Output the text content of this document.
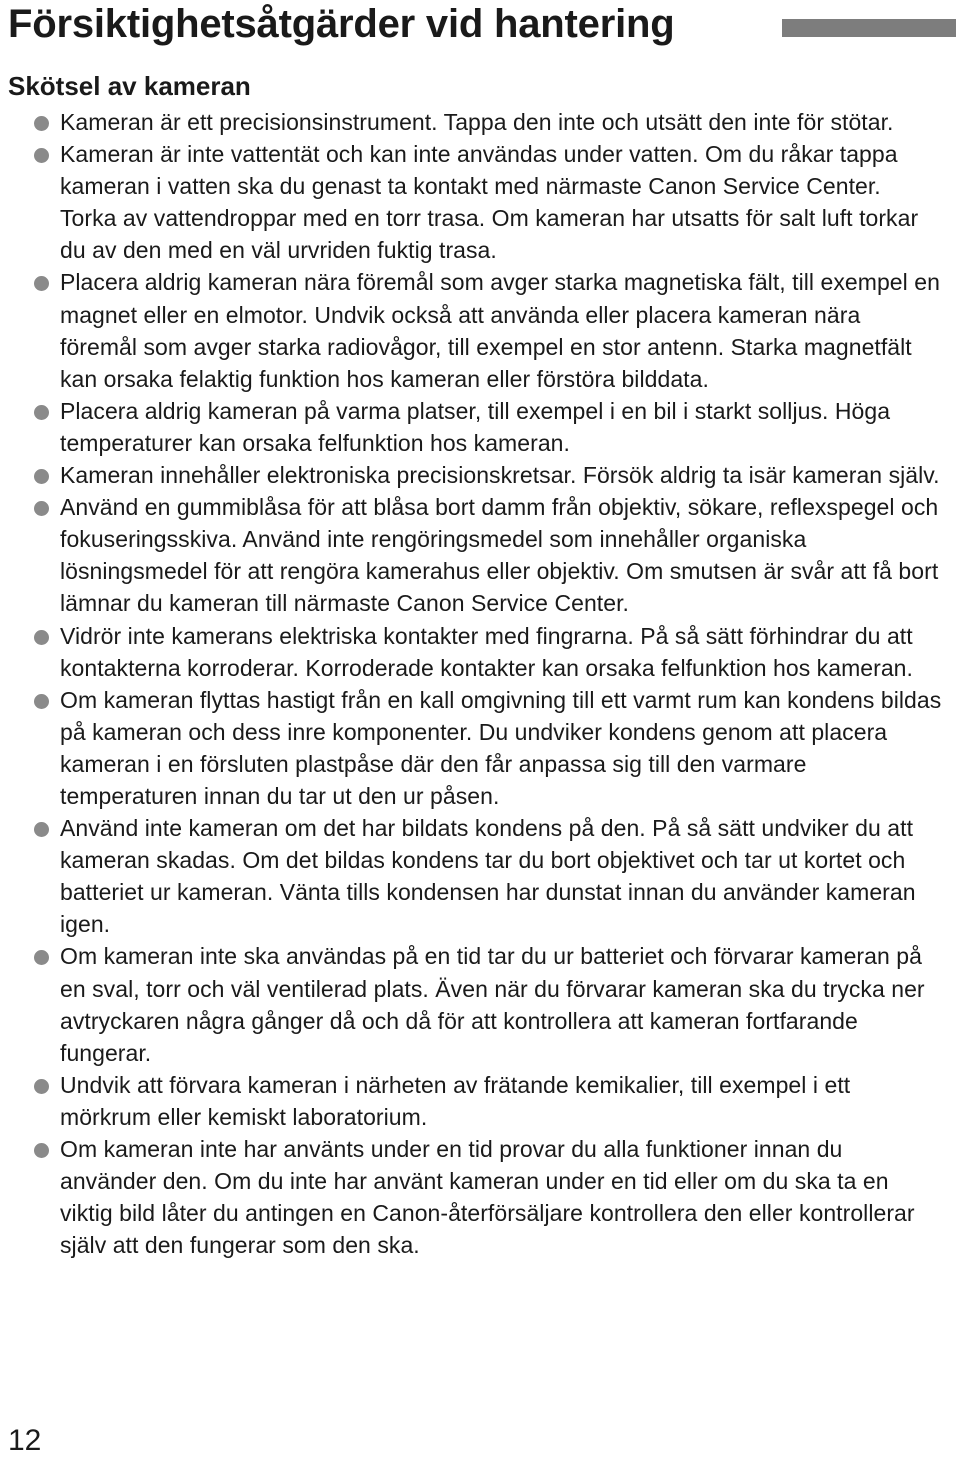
Försiktighetsåtgärder vid hantering
Skötsel av kameran
Kameran är ett precisionsinstrument. Tappa den inte och utsätt den inte för stötar.
Kameran är inte vattentät och kan inte användas under vatten. Om du råkar tappa kameran i vatten ska du genast ta kontakt med närmaste Canon Service Center. Torka av vattendroppar med en torr trasa. Om kameran har utsatts för salt luft torkar du av den med en väl urvriden fuktig trasa.
Placera aldrig kameran nära föremål som avger starka magnetiska fält, till exempel en magnet eller en elmotor. Undvik också att använda eller placera kameran nära föremål som avger starka radiovågor, till exempel en stor antenn. Starka magnetfält kan orsaka felaktig funktion hos kameran eller förstöra bilddata.
Placera aldrig kameran på varma platser, till exempel i en bil i starkt solljus. Höga temperaturer kan orsaka felfunktion hos kameran.
Kameran innehåller elektroniska precisionskretsar. Försök aldrig ta isär kameran själv.
Använd en gummiblåsa för att blåsa bort damm från objektiv, sökare, reflexspegel och fokuseringsskiva. Använd inte rengöringsmedel som innehåller organiska lösningsmedel för att rengöra kamerahus eller objektiv. Om smutsen är svår att få bort lämnar du kameran till närmaste Canon Service Center.
Vidrör inte kamerans elektriska kontakter med fingrarna. På så sätt förhindrar du att kontakterna korroderar. Korroderade kontakter kan orsaka felfunktion hos kameran.
Om kameran flyttas hastigt från en kall omgivning till ett varmt rum kan kondens bildas på kameran och dess inre komponenter. Du undviker kondens genom att placera kameran i en försluten plastpåse där den får anpassa sig till den varmare temperaturen innan du tar ut den ur påsen.
Använd inte kameran om det har bildats kondens på den. På så sätt undviker du att kameran skadas. Om det bildas kondens tar du bort objektivet och tar ut kortet och batteriet ur kameran. Vänta tills kondensen har dunstat innan du använder kameran igen.
Om kameran inte ska användas på en tid tar du ur batteriet och förvarar kameran på en sval, torr och väl ventilerad plats. Även när du förvarar kameran ska du trycka ner avtryckaren några gånger då och då för att kontrollera att kameran fortfarande fungerar.
Undvik att förvara kameran i närheten av frätande kemikalier, till exempel i ett mörkrum eller kemiskt laboratorium.
Om kameran inte har använts under en tid provar du alla funktioner innan du använder den. Om du inte har använt kameran under en tid eller om du ska ta en viktig bild låter du antingen en Canon-återförsäljare kontrollera den eller kontrollerar själv att den fungerar som den ska.
12
